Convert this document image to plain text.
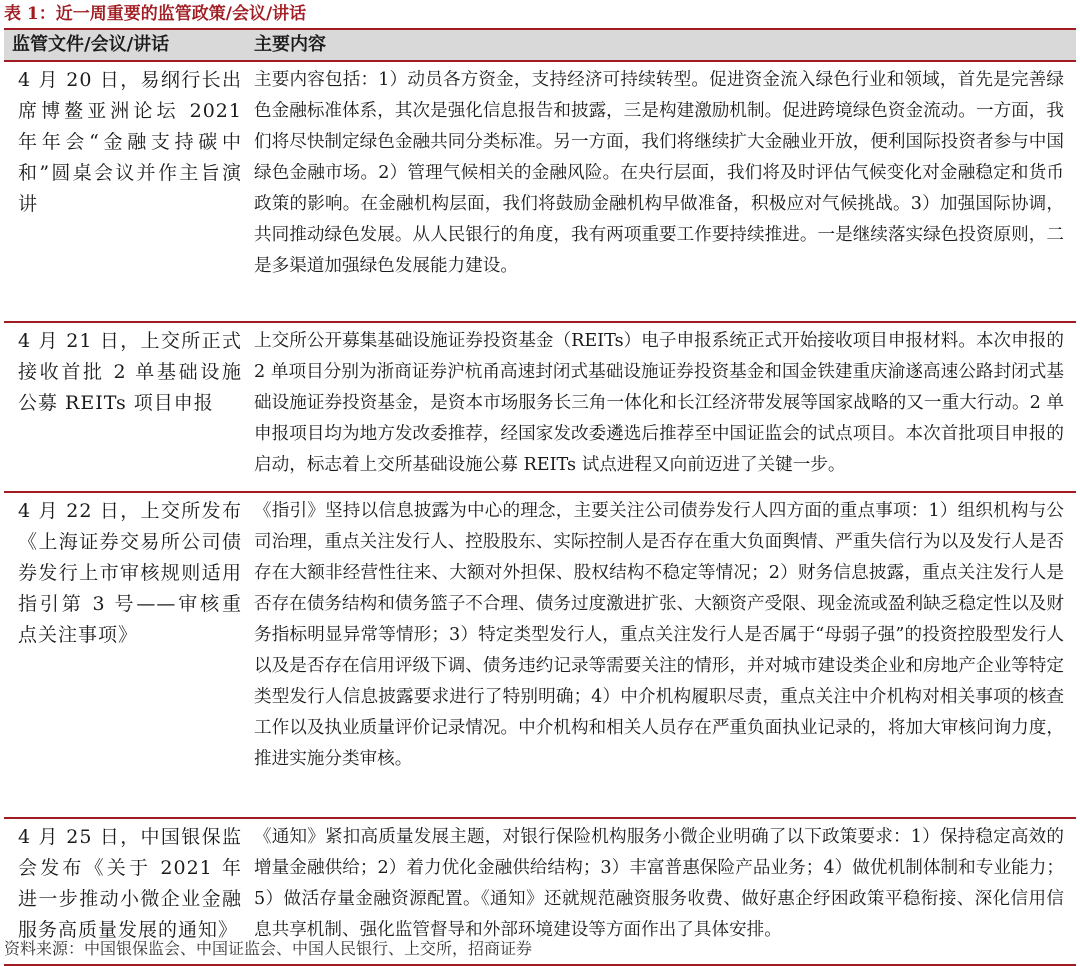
表 1：近一周重要的监管政策/会议/讲话
监管文件/会议/讲话	主要内容
4 月 20 日，易纲行长出席博鳌亚洲论坛 2021 年年会“金融支持碳中和”圆桌会议并作主旨演讲
主要内容包括：1）动员各方资金，支持经济可持续转型。促进资金流入绿色行业和领域，首先是完善绿色金融标准体系，其次是强化信息报告和披露，三是构建激励机制。促进跨境绿色资金流动。一方面，我们将尽快制定绿色金融共同分类标准。另一方面，我们将继续扩大金融业开放，便利国际投资者参与中国绿色金融市场。2）管理气候相关的金融风险。在央行层面，我们将及时评估气候变化对金融稳定和货币政策的影响。在金融机构层面，我们将鼓励金融机构早做准备，积极应对气候挑战。3）加强国际协调，共同推动绿色发展。从人民银行的角度，我有两项重要工作要持续推进。一是继续落实绿色投资原则，二是多渠道加强绿色发展能力建设。
4 月 21 日，上交所正式接收首批 2 单基础设施公募 REITs 项目申报
上交所公开募集基础设施证券投资基金（REITs）电子申报系统正式开始接收项目申报材料。本次申报的 2 单项目分别为浙商证券沪杭甬高速封闭式基础设施证券投资基金和国金铁建重庆渝遂高速公路封闭式基础设施证券投资基金，是资本市场服务长三角一体化和长江经济带发展等国家战略的又一重大行动。2 单申报项目均为地方发改委推荐，经国家发改委遴选后推荐至中国证监会的试点项目。本次首批项目申报的启动，标志着上交所基础设施公募 REITs 试点进程又向前迈进了关键一步。
4 月 22 日，上交所发布《上海证券交易所公司债券发行上市审核规则适用指引第 3 号——审核重点关注事项》
《指引》坚持以信息披露为中心的理念，主要关注公司债券发行人四方面的重点事项：1）组织机构与公司治理，重点关注发行人、控股股东、实际控制人是否存在重大负面舆情、严重失信行为以及发行人是否存在大额非经营性往来、大额对外担保、股权结构不稳定等情况；2）财务信息披露，重点关注发行人是否存在债务结构和债务篮子不合理、债务过度激进扩张、大额资产受限、现金流或盈利缺乏稳定性以及财务指标明显异常等情形；3）特定类型发行人，重点关注发行人是否属于“母弱子强”的投资控股型发行人以及是否存在信用评级下调、债务违约记录等需要关注的情形，并对城市建设类企业和房地产企业等特定类型发行人信息披露要求进行了特别明确；4）中介机构履职尽责，重点关注中介机构对相关事项的核查工作以及执业质量评价记录情况。中介机构和相关人员存在严重负面执业记录的，将加大审核问询力度，推进实施分类审核。
4 月 25 日，中国银保监会发布《关于 2021 年进一步推动小微企业金融服务高质量发展的通知》
《通知》紧扣高质量发展主题，对银行保险机构服务小微企业明确了以下政策要求：1）保持稳定高效的增量金融供给；2）着力优化金融供给结构；3）丰富普惠保险产品业务；4）做优机制体制和专业能力；5）做活存量金融资源配置。《通知》还就规范融资服务收费、做好惠企纾困政策平稳衔接、深化信用信息共享机制、强化监管督导和外部环境建设等方面作出了具体安排。
资料来源：中国银保监会、中国证监会、中国人民银行、上交所，招商证券
